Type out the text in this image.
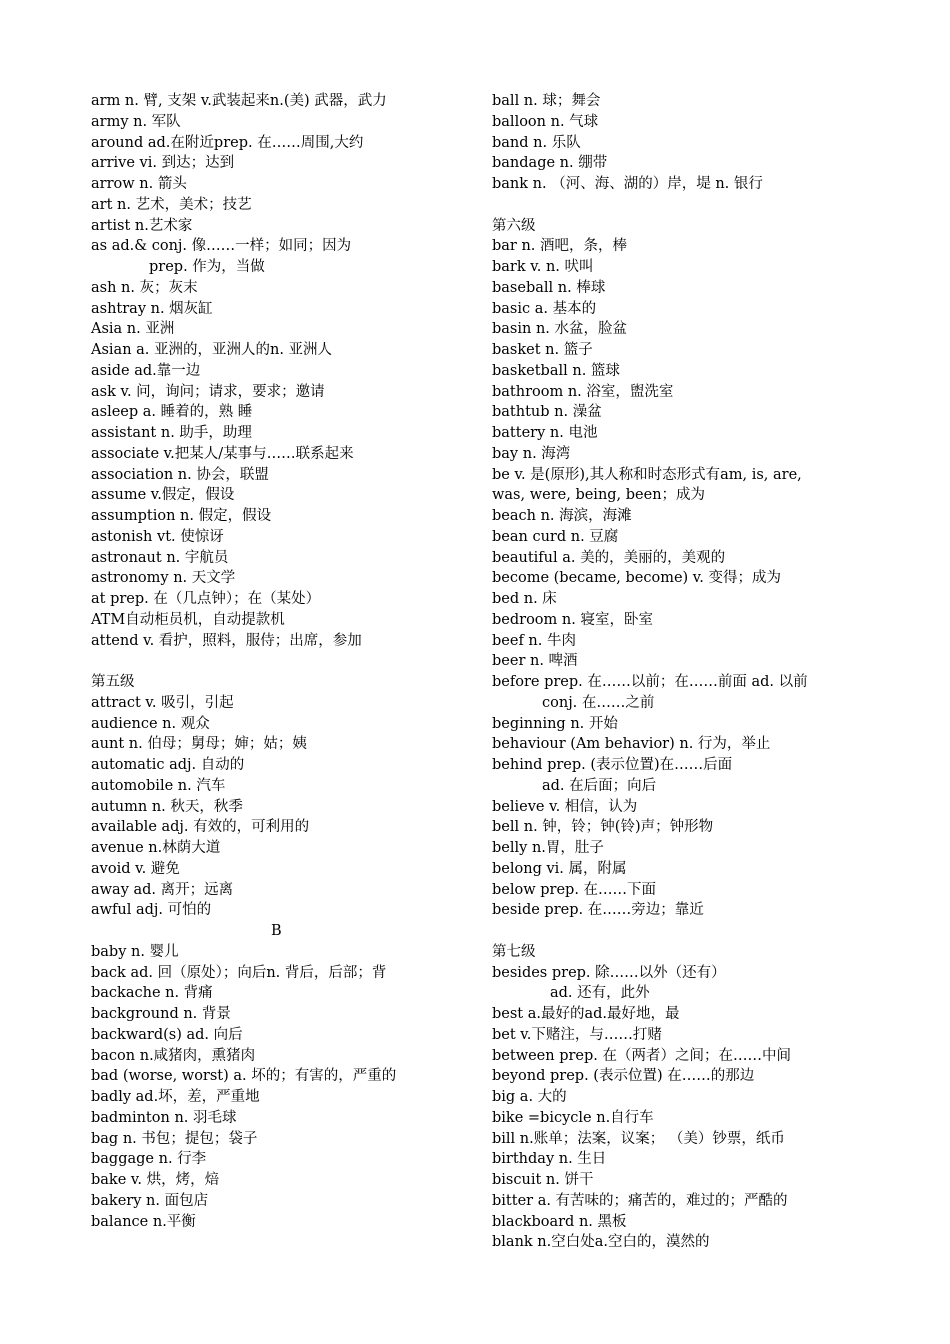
arm n. 臂, 支架 v.武装起来n.(美) 武器，武力
army n. 军队
around ad.在附近prep. 在……周围,大约
arrive vi. 到达；达到
arrow n. 箭头
art n. 艺术，美术；技艺
artist n.艺术家
as ad.& conj. 像……一样；如同；因为
prep. 作为，当做
ash n. 灰；灰末
ashtray n. 烟灰缸
Asia n. 亚洲
Asian a. 亚洲的，亚洲人的n. 亚洲人
aside ad.靠一边
ask v. 问，询问；请求，要求；邀请
asleep a. 睡着的，熟 睡
assistant n. 助手，助理
associate v.把某人/某事与……联系起来
association n. 协会，联盟
assume v.假定，假设
assumption n. 假定，假设
astonish vt. 使惊讶
astronaut n. 宇航员
astronomy n. 天文学
at prep. 在（几点钟）；在（某处）
ATM自动柜员机，自动提款机
attend v. 看护，照料，服侍；出席，参加
第五级
attract v. 吸引，引起
audience n. 观众
aunt n. 伯母；舅母；婶；姑；姨
automatic adj. 自动的
automobile n. 汽车
autumn n. 秋天，秋季
available adj. 有效的，可利用的
avenue n.林荫大道
avoid v. 避免
away ad. 离开；远离
awful adj. 可怕的
B
baby n. 婴儿
back ad. 回（原处）；向后n. 背后，后部；背
backache n. 背痛
background n. 背景
backward(s) ad. 向后
bacon n.咸猪肉，熏猪肉
bad (worse, worst) a. 坏的；有害的，严重的
badly ad.坏，差，严重地
badminton n. 羽毛球
bag n. 书包；提包；袋子
baggage n. 行李
bake v. 烘，烤，焙
bakery n. 面包店
balance n.平衡
ball n. 球；舞会
balloon n. 气球
band n. 乐队
bandage n. 绷带
bank n. （河、海、湖的）岸，堤 n. 银行
第六级
bar n. 酒吧，条，棒
bark v. n. 吠叫
baseball n. 棒球
basic a. 基本的
basin n. 水盆，脸盆
basket n. 篮子
basketball n. 篮球
bathroom n. 浴室，盥洗室
bathtub n. 澡盆
battery n. 电池
bay n. 海湾
be v. 是(原形),其人称和时态形式有am, is, are,
was, were, being, been；成为
beach n. 海滨，海滩
bean curd n. 豆腐
beautiful a. 美的，美丽的，美观的
become (became, become) v. 变得；成为
bed n. 床
bedroom n. 寝室，卧室
beef n. 牛肉
beer n. 啤酒
before prep. 在……以前；在……前面 ad. 以前
conj. 在……之前
beginning n. 开始
behaviour (Am behavior) n. 行为，举止
behind prep. (表示位置)在……后面
ad. 在后面；向后
believe v. 相信，认为
bell n. 钟，铃；钟(铃)声；钟形物
belly n.胃，肚子
belong vi. 属，附属
below prep. 在……下面
beside prep. 在……旁边；靠近
第七级
besides prep. 除……以外（还有）
ad. 还有，此外
best a.最好的ad.最好地，最
bet v.下赌注，与……打赌
between prep. 在（两者）之间；在……中间
beyond prep. (表示位置) 在……的那边
big a. 大的
bike =bicycle n.自行车
bill n.账单；法案，议案； （美）钞票，纸币
birthday n. 生日
biscuit n. 饼干
bitter a. 有苦味的；痛苦的，难过的；严酷的
blackboard n. 黑板
blank n.空白处a.空白的，漠然的
